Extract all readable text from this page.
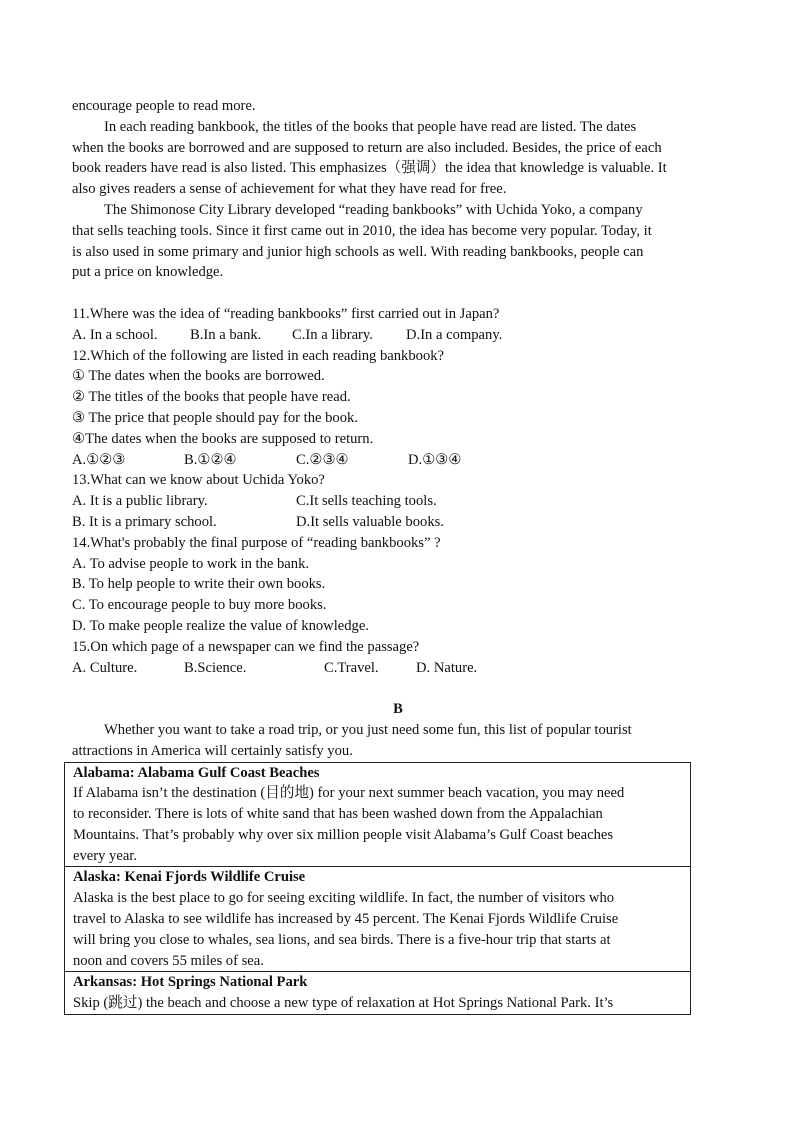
encourage people to read more.
In each reading bankbook, the titles of the books that people have read are listed. The dates
when the books are borrowed and are supposed to return are also included. Besides, the price of each
book readers have read is also listed. This emphasizes（强调）the idea that knowledge is valuable. It
also gives readers a sense of achievement for what they have read for free.
The Shimonose City Library developed “reading bankbooks” with Uchida Yoko, a company
that sells teaching tools. Since it first came out in 2010, the idea has become very popular. Today, it
is also used in some primary and junior high schools as well. With reading bankbooks, people can
put a price on knowledge.
11.Where was the idea of “reading bankbooks” first carried out in Japan?
A. In a school.	B.In a bank.	C.In a library.	D.In a company.
12.Which of the following are listed in each reading bankbook?
① The dates when the books are borrowed.
② The titles of the books that people have read.
③ The price that people should pay for the book.
④The dates when the books are supposed to return.
A.①②③	B.①②④	C.②③④	D.①③④
13.What can we know about Uchida Yoko?
A. It is a public library.	C.It sells teaching tools.
B. It is a primary school.	D.It sells valuable books.
14.What's probably the final purpose of “reading bankbooks” ?
A. To advise people to work in the bank.
B. To help people to write their own books.
C. To encourage people to buy more books.
D. To make people realize the value of knowledge.
15.On which page of a newspaper can we find the passage?
A. Culture.	B.Science.	C.Travel.	D. Nature.
B
Whether you want to take a road trip, or you just need some fun, this list of popular tourist
attractions in America will certainly satisfy you.
Alabama: Alabama Gulf Coast Beaches
If Alabama isn’t the destination (目的地) for your next summer beach vacation, you may need
to reconsider. There is lots of white sand that has been washed down from the Appalachian
Mountains. That’s probably why over six million people visit Alabama’s Gulf Coast beaches
every year.

Alaska: Kenai Fjords Wildlife Cruise
Alaska is the best place to go for seeing exciting wildlife. In fact, the number of visitors who
travel to Alaska to see wildlife has increased by 45 percent. The Kenai Fjords Wildlife Cruise
will bring you close to whales, sea lions, and sea birds. There is a five-hour trip that starts at
noon and covers 55 miles of sea.

Arkansas: Hot Springs National Park
Skip (跳过) the beach and choose a new type of relaxation at Hot Springs National Park. It’s
